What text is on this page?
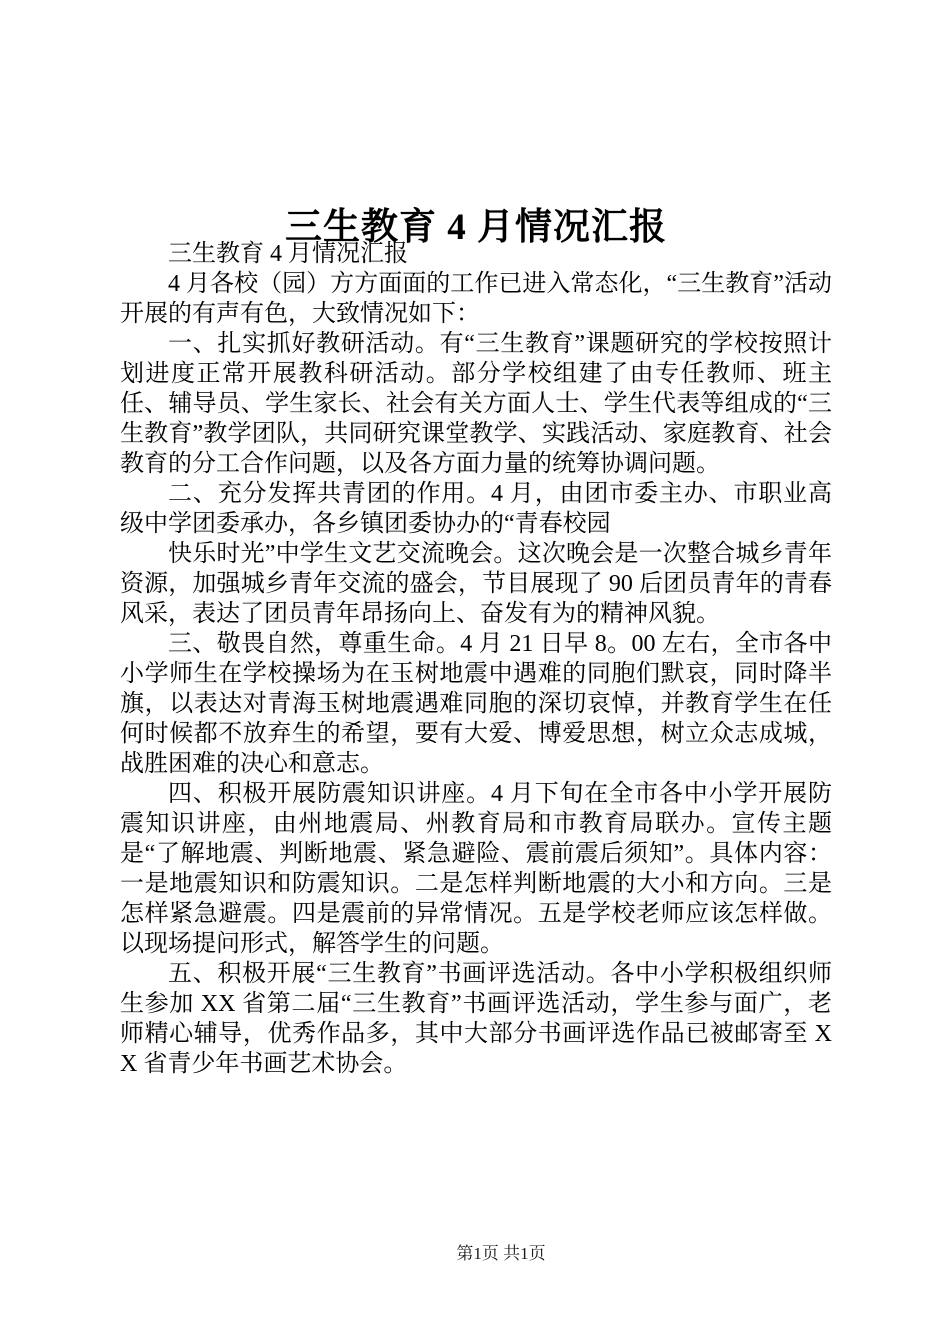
三生教育 4 月情况汇报

三生教育 4 月情况汇报

4 月各校（园）方方面面的工作已进入常态化，“三生教育”活动开展的有声有色，大致情况如下：

一、扎实抓好教研活动。有“三生教育”课题研究的学校按照计划进度正常开展教科研活动。部分学校组建了由专任教师、班主任、辅导员、学生家长、社会有关方面人士、学生代表等组成的“三生教育”教学团队，共同研究课堂教学、实践活动、家庭教育、社会教育的分工合作问题，以及各方面力量的统筹协调问题。

二、充分发挥共青团的作用。4 月，由团市委主办、市职业高级中学团委承办，各乡镇团委协办的“青春校园

快乐时光”中学生文艺交流晚会。这次晚会是一次整合城乡青年资源，加强城乡青年交流的盛会，节目展现了 90 后团员青年的青春风采，表达了团员青年昂扬向上、奋发有为的精神风貌。

三、敬畏自然，尊重生命。4 月 21 日早 8。00 左右，全市各中小学师生在学校操场为在玉树地震中遇难的同胞们默哀，同时降半旗，以表达对青海玉树地震遇难同胞的深切哀悼，并教育学生在任何时候都不放弃生的希望，要有大爱、博爱思想，树立众志成城，战胜困难的决心和意志。

四、积极开展防震知识讲座。4 月下旬在全市各中小学开展防震知识讲座，由州地震局、州教育局和市教育局联办。宣传主题是“了解地震、判断地震、紧急避险、震前震后须知”。具体内容：一是地震知识和防震知识。二是怎样判断地震的大小和方向。三是怎样紧急避震。四是震前的异常情况。五是学校老师应该怎样做。以现场提问形式，解答学生的问题。

五、积极开展“三生教育”书画评选活动。各中小学积极组织师生参加 XX 省第二届“三生教育”书画评选活动，学生参与面广，老师精心辅导，优秀作品多，其中大部分书画评选作品已被邮寄至 XX 省青少年书画艺术协会。

第1页 共1页
